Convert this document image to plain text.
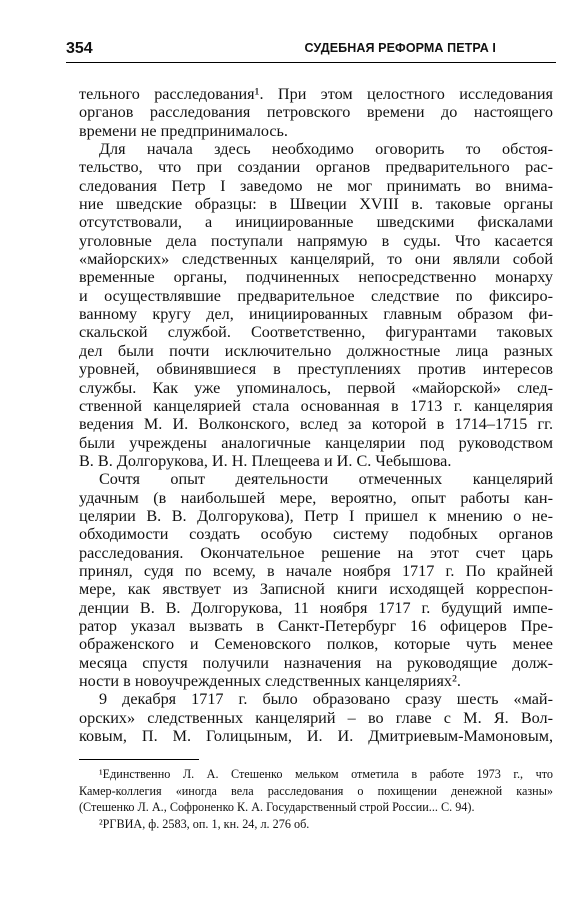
354	СУДЕБНАЯ РЕФОРМА ПЕТРА I
тельного расследования¹. При этом целостного исследования
органов расследования петровского времени до настоящего
времени не предпринималось.
Для начала здесь необходимо оговорить то обстоя-
тельство, что при создании органов предварительного рас-
следования Петр I заведомо не мог принимать во внима-
ние шведские образцы: в Швеции XVIII в. таковые органы
отсутствовали, а инициированные шведскими фискалами
уголовные дела поступали напрямую в суды. Что касается
«майорских» следственных канцелярий, то они являли собой
временные органы, подчиненных непосредственно монарху
и осуществлявшие предварительное следствие по фиксиро-
ванному кругу дел, инициированных главным образом фи-
скальской службой. Соответственно, фигурантами таковых
дел были почти исключительно должностные лица разных
уровней, обвинявшиеся в преступлениях против интересов
службы. Как уже упоминалось, первой «майорской» след-
ственной канцелярией стала основанная в 1713 г. канцелярия
ведения М. И. Волконского, вслед за которой в 1714–1715 гг.
были учреждены аналогичные канцелярии под руководством
В. В. Долгорукова, И. Н. Плещеева и И. С. Чебышова.
Сочтя опыт деятельности отмеченных канцелярий
удачным (в наибольшей мере, вероятно, опыт работы кан-
целярии В. В. Долгорукова), Петр I пришел к мнению о не-
обходимости создать особую систему подобных органов
расследования. Окончательное решение на этот счет царь
принял, судя по всему, в начале ноября 1717 г. По крайней
мере, как явствует из Записной книги исходящей корреспон-
денции В. В. Долгорукова, 11 ноября 1717 г. будущий импе-
ратор указал вызвать в Санкт-Петербург 16 офицеров Пре-
ображенского и Семеновского полков, которые чуть менее
месяца спустя получили назначения на руководящие долж-
ности в новоучрежденных следственных канцеляриях².
9 декабря 1717 г. было образовано сразу шесть «май-
орских» следственных канцелярий – во главе с М. Я. Вол-
ковым, П. М. Голицыным, И. И. Дмитриевым-Мамоновым,
¹Единственно Л. А. Стешенко мельком отметила в работе 1973 г., что
Камер-коллегия «иногда вела расследования о похищении денежной казны»
(Стешенко Л. А., Софроненко К. А. Государственный строй России... С. 94).
²РГВИА, ф. 2583, оп. 1, кн. 24, л. 276 об.
